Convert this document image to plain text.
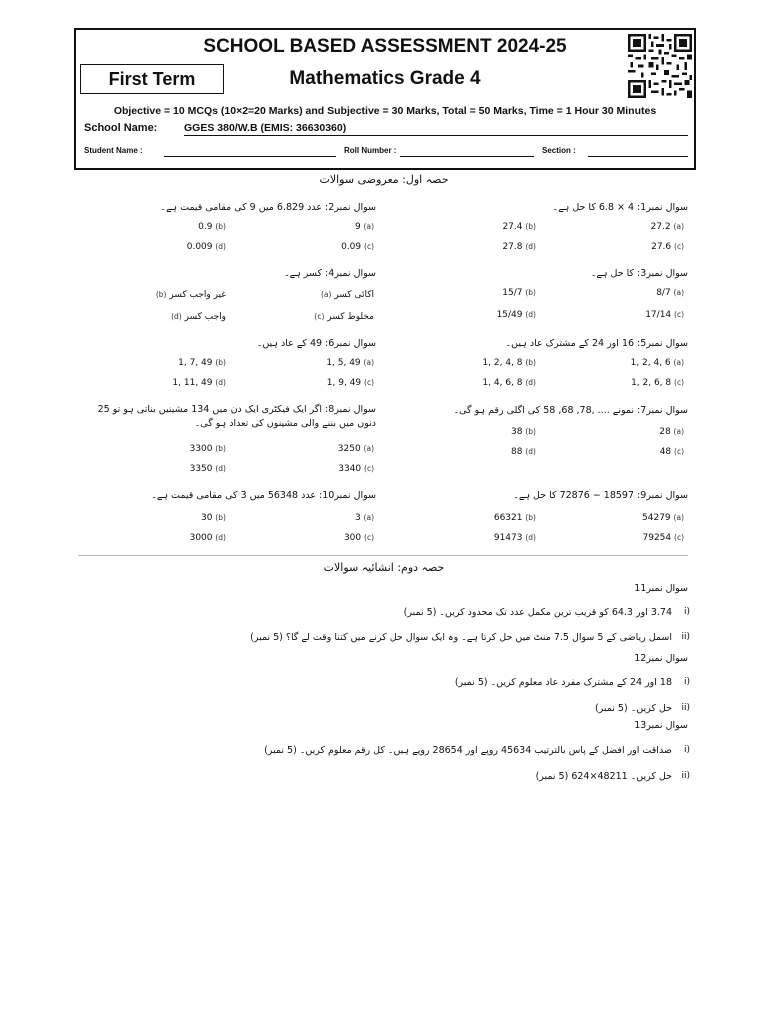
SCHOOL BASED ASSESSMENT 2024-25
First Term	Mathematics Grade 4
Objective = 10 MCQs (10×2=20 Marks) and Subjective = 30 Marks, Total = 50 Marks, Time = 1 Hour 30 Minutes
School Name:	GGES 380/W.B (EMIS: 36630360)
Student Name :	Roll Number :	Section :
حصہ اول: معروضی سوالات
سوال نمبر1: 4 × 6.8 کا حل ہے۔
27.2 (a)
27.4 (b)
27.6 (c)
27.8 (d)
سوال نمبر2: عدد 6.829 میں 9 کی مقامی قیمت ہے۔
9 (a)
0.9 (b)
0.09 (c)
0.009 (d)
سوال نمبر3: کا حل ہے۔
8/7 (a)
15/7 (b)
17/14 (c)
15/49 (d)
سوال نمبر4: کسر ہے۔
(a) اکائی کسر
(b) غیر واجب کسر
(c) مخلوط کسر
(d) واجب کسر
سوال نمبر5: 16 اور 24 کے مشترک عاد ہیں۔
1, 2, 4, 6 (a)
1, 2, 4, 8 (b)
1, 2, 6, 8 (c)
1, 4, 6, 8 (d)
سوال نمبر6: 49 کے عاد ہیں۔
1, 5, 49 (a)
1, 7, 49 (b)
1, 9, 49 (c)
1, 11, 49 (d)
سوال نمبر7: نمونے .... ,78, 68, 58 کی اگلی رقم ہو گی۔
28 (a)
38 (b)
48 (c)
88 (d)
سوال نمبر8: اگر ایک فیکٹری ایک دن میں 134 مشینیں بناتی ہو تو 25 دنوں میں بننے والی مشینوں کی تعداد ہو گی۔
3250 (a)
3300 (b)
3340 (c)
3350 (d)
سوال نمبر9: 18597 − 72876 کا حل ہے۔
54279 (a)
66321 (b)
79254 (c)
91473 (d)
سوال نمبر10: عدد 56348 میں 3 کی مقامی قیمت ہے۔
3 (a)
30 (b)
300 (c)
3000 (d)
حصہ دوم: انشائیہ سوالات
سوال نمبر11
3.74 اور 64.3 کو قریب ترین مکمل عدد تک محدود کریں۔ (5 نمبر)	i)
اسمل ریاضی کے 5 سوال 7.5 منٹ میں حل کرتا ہے۔ وہ ایک سوال حل کرنے میں کتنا وقت لے گا؟ (5 نمبر)	ii)
سوال نمبر12
18 اور 24 کے مشترک مفرد عاد معلوم کریں۔ (5 نمبر)	i)
حل کریں۔ (5 نمبر)	ii)
سوال نمبر13
صداقت اور افضل کے پاس بالترتیب 45634 روپے اور 28654 روپے ہیں۔ کل رقم معلوم کریں۔ (5 نمبر)	i)
حل کریں۔ 48211×624 (5 نمبر)	ii)
